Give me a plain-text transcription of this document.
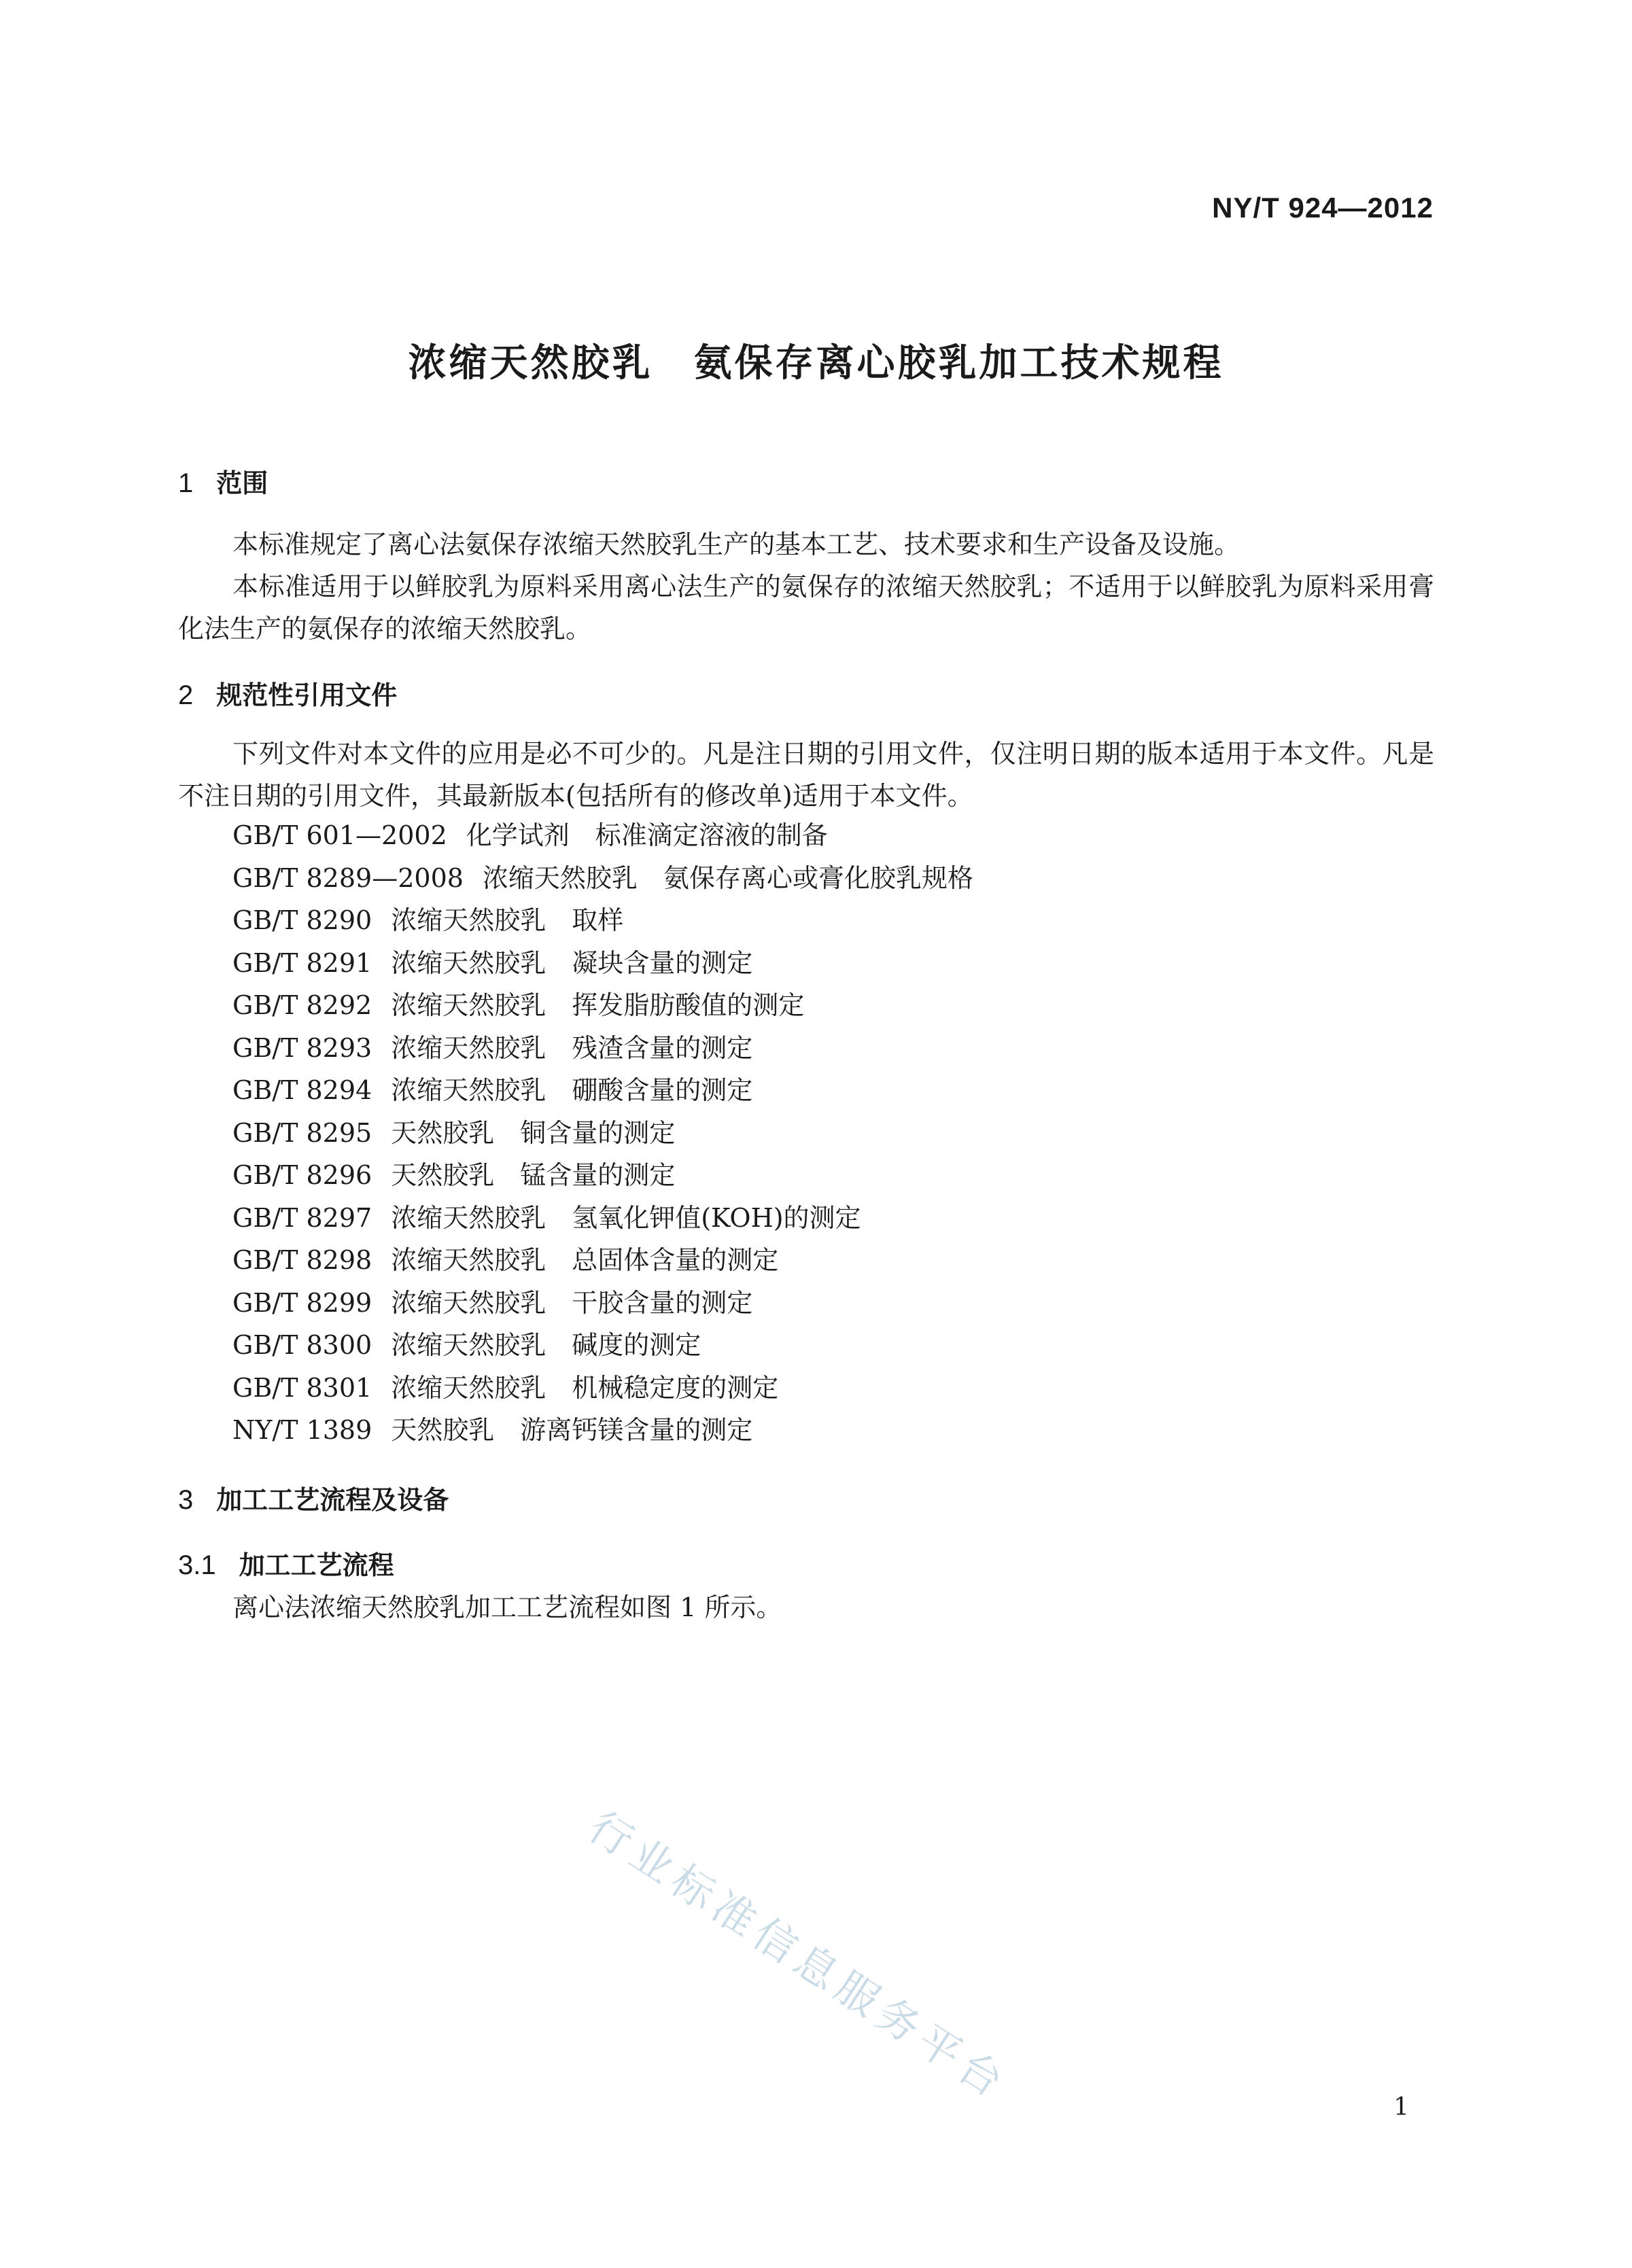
NY/T 924—2012
浓缩天然胶乳　氨保存离心胶乳加工技术规程
1 范围
本标准规定了离心法氨保存浓缩天然胶乳生产的基本工艺、技术要求和生产设备及设施。
本标准适用于以鲜胶乳为原料采用离心法生产的氨保存的浓缩天然胶乳；不适用于以鲜胶乳为原料采用膏化法生产的氨保存的浓缩天然胶乳。
2 规范性引用文件
下列文件对本文件的应用是必不可少的。凡是注日期的引用文件，仅注明日期的版本适用于本文件。凡是不注日期的引用文件，其最新版本(包括所有的修改单)适用于本文件。
GB/T 601—2002 化学试剂　标准滴定溶液的制备
GB/T 8289—2008 浓缩天然胶乳　氨保存离心或膏化胶乳规格
GB/T 8290 浓缩天然胶乳　取样
GB/T 8291 浓缩天然胶乳　凝块含量的测定
GB/T 8292 浓缩天然胶乳　挥发脂肪酸值的测定
GB/T 8293 浓缩天然胶乳　残渣含量的测定
GB/T 8294 浓缩天然胶乳　硼酸含量的测定
GB/T 8295 天然胶乳　铜含量的测定
GB/T 8296 天然胶乳　锰含量的测定
GB/T 8297 浓缩天然胶乳　氢氧化钾值(KOH)的测定
GB/T 8298 浓缩天然胶乳　总固体含量的测定
GB/T 8299 浓缩天然胶乳　干胶含量的测定
GB/T 8300 浓缩天然胶乳　碱度的测定
GB/T 8301 浓缩天然胶乳　机械稳定度的测定
NY/T 1389 天然胶乳　游离钙镁含量的测定
3 加工工艺流程及设备
3.1 加工工艺流程
离心法浓缩天然胶乳加工工艺流程如图 1 所示。
行业标准信息服务平台	1
